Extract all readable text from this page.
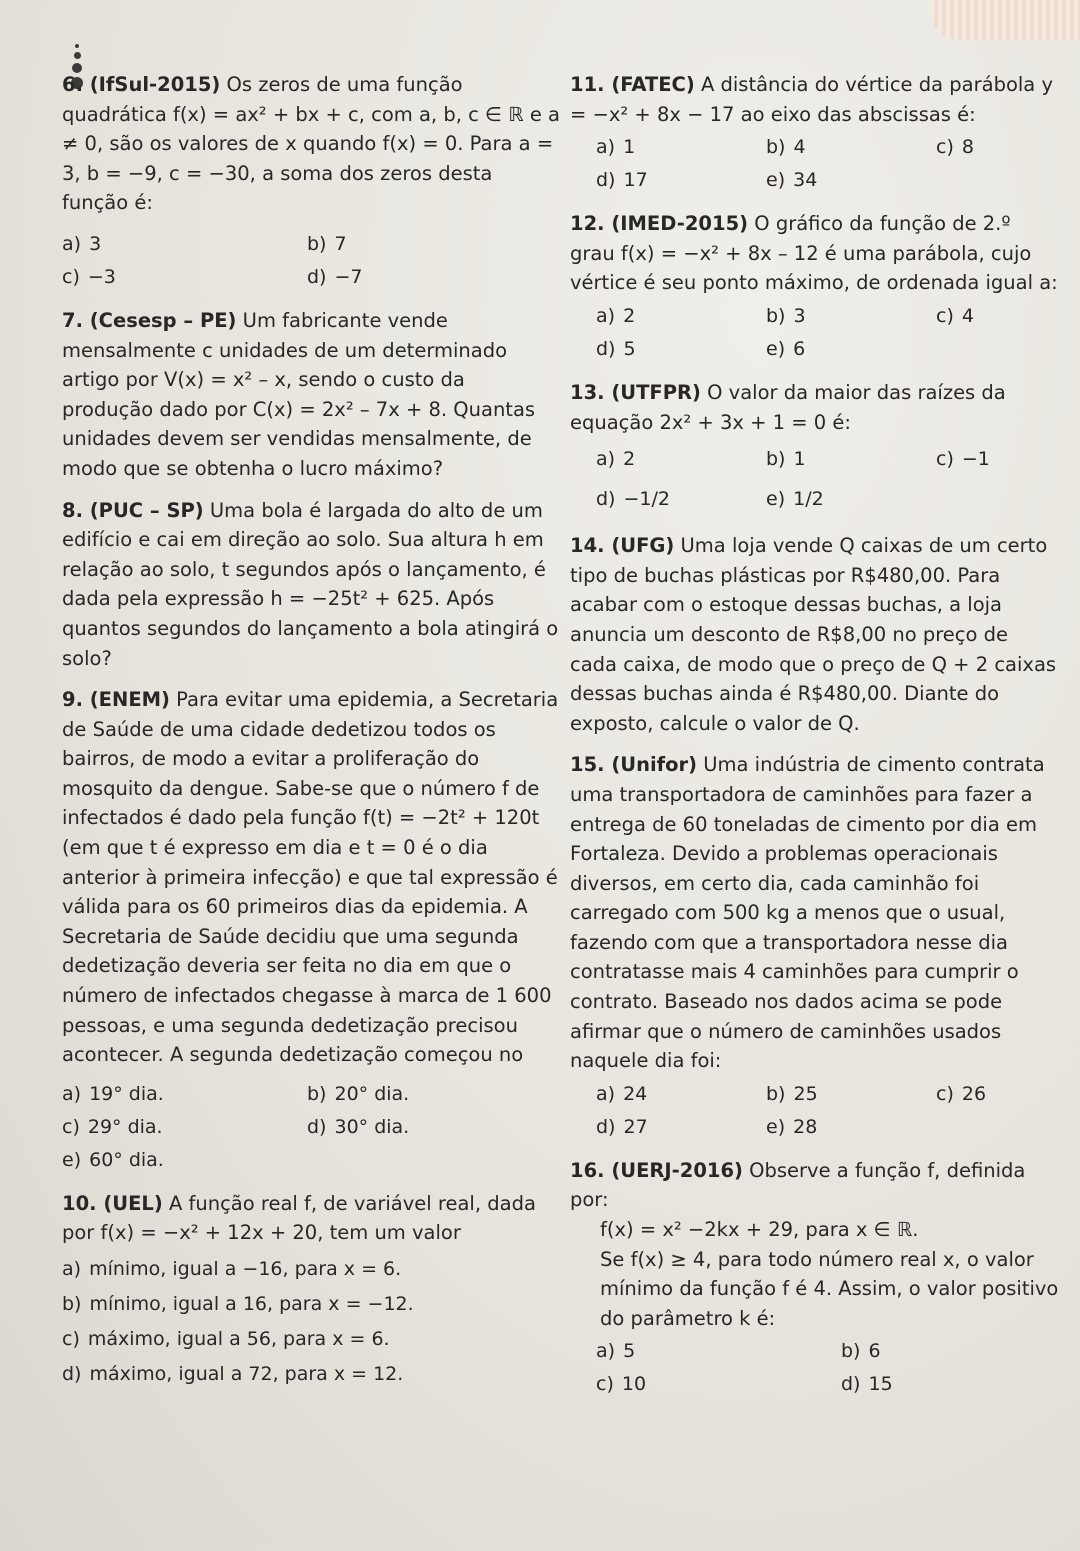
6. (IfSul-2015) Os zeros de uma função quadrática f(x) = ax² + bx + c, com a, b, c ∈ ℝ e a ≠ 0, são os valores de x quando f(x) = 0. Para a = 3, b = −9, c = −30, a soma dos zeros desta função é:
a) 3	b) 7
c) −3	d) −7
7. (Cesesp – PE) Um fabricante vende mensalmente c unidades de um determinado artigo por V(x) = x² – x, sendo o custo da produção dado por C(x) = 2x² – 7x + 8. Quantas unidades devem ser vendidas mensalmente, de modo que se obtenha o lucro máximo?
8. (PUC – SP) Uma bola é largada do alto de um edifício e cai em direção ao solo. Sua altura h em relação ao solo, t segundos após o lançamento, é dada pela expressão h = −25t² + 625. Após quantos segundos do lançamento a bola atingirá o solo?
9. (ENEM) Para evitar uma epidemia, a Secretaria de Saúde de uma cidade dedetizou todos os bairros, de modo a evitar a proliferação do mosquito da dengue. Sabe-se que o número f de infectados é dado pela função f(t) = −2t² + 120t (em que t é expresso em dia e t = 0 é o dia anterior à primeira infecção) e que tal expressão é válida para os 60 primeiros dias da epidemia. A Secretaria de Saúde decidiu que uma segunda dedetização deveria ser feita no dia em que o número de infectados chegasse à marca de 1 600 pessoas, e uma segunda dedetização precisou acontecer. A segunda dedetização começou no
a) 19° dia.	b) 20° dia.
c) 29° dia.	d) 30° dia.
e) 60° dia.
10. (UEL) A função real f, de variável real, dada por f(x) = −x² + 12x + 20, tem um valor
a) mínimo, igual a −16, para x = 6.
b) mínimo, igual a 16, para x = −12.
c) máximo, igual a 56, para x = 6.
d) máximo, igual a 72, para x = 12.
11. (FATEC) A distância do vértice da parábola y = −x² + 8x − 17 ao eixo das abscissas é:
a) 1	b) 4	c) 8
d) 17	e) 34
12. (IMED-2015) O gráfico da função de 2.º grau f(x) = −x² + 8x – 12 é uma parábola, cujo vértice é seu ponto máximo, de ordenada igual a:
a) 2	b) 3	c) 4
d) 5	e) 6
13. (UTFPR) O valor da maior das raízes da equação 2x² + 3x + 1 = 0 é:
a) 2	b) 1	c) −1
d) −1/2	e) 1/2
14. (UFG) Uma loja vende Q caixas de um certo tipo de buchas plásticas por R$480,00. Para acabar com o estoque dessas buchas, a loja anuncia um desconto de R$8,00 no preço de cada caixa, de modo que o preço de Q + 2 caixas dessas buchas ainda é R$480,00. Diante do exposto, calcule o valor de Q.
15. (Unifor) Uma indústria de cimento contrata uma transportadora de caminhões para fazer a entrega de 60 toneladas de cimento por dia em Fortaleza. Devido a problemas operacionais diversos, em certo dia, cada caminhão foi carregado com 500 kg a menos que o usual, fazendo com que a transportadora nesse dia contratasse mais 4 caminhões para cumprir o contrato. Baseado nos dados acima se pode afirmar que o número de caminhões usados naquele dia foi:
a) 24	b) 25	c) 26
d) 27	e) 28
16. (UERJ-2016) Observe a função f, definida por:
f(x) = x² −2kx + 29, para x ∈ ℝ.
Se f(x) ≥ 4, para todo número real x, o valor mínimo da função f é 4. Assim, o valor positivo do parâmetro k é:
a) 5	b) 6
c) 10	d) 15
